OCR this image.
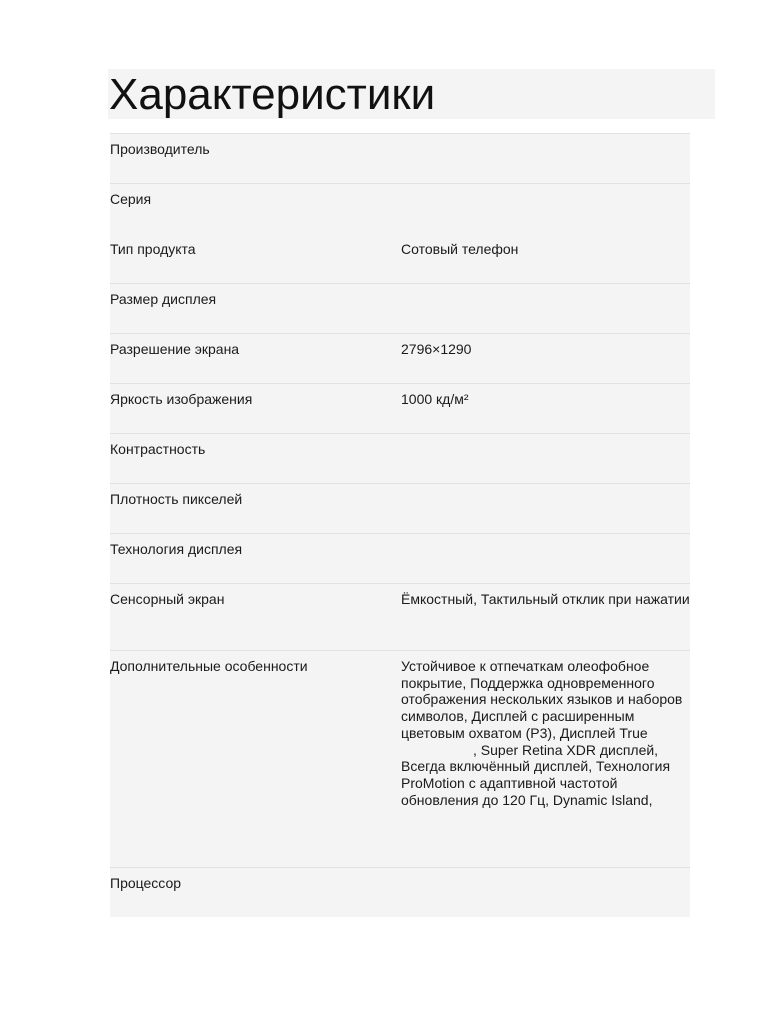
Характеристики
Производитель
Серия
Тип продукта	Сотовый телефон
Размер дисплея
Разрешение экрана	2796×1290
Яркость изображения	1000 кд/м²
Контрастность
Плотность пикселей
Технология дисплея
Сенсорный экран	Ёмкостный, Тактильный отклик при нажатии
Дополнительные особенности	Устойчивое к отпечаткам олеофобное покрытие, Поддержка одновременного отображения нескольких языков и наборов символов, Дисплей с расширенным цветовым охватом (P3), Дисплей True , Super Retina XDR дисплей, Всегда включённый дисплей, Технология ProMotion с адаптивной частотой обновления до 120 Гц, Dynamic Island,
Процессор
